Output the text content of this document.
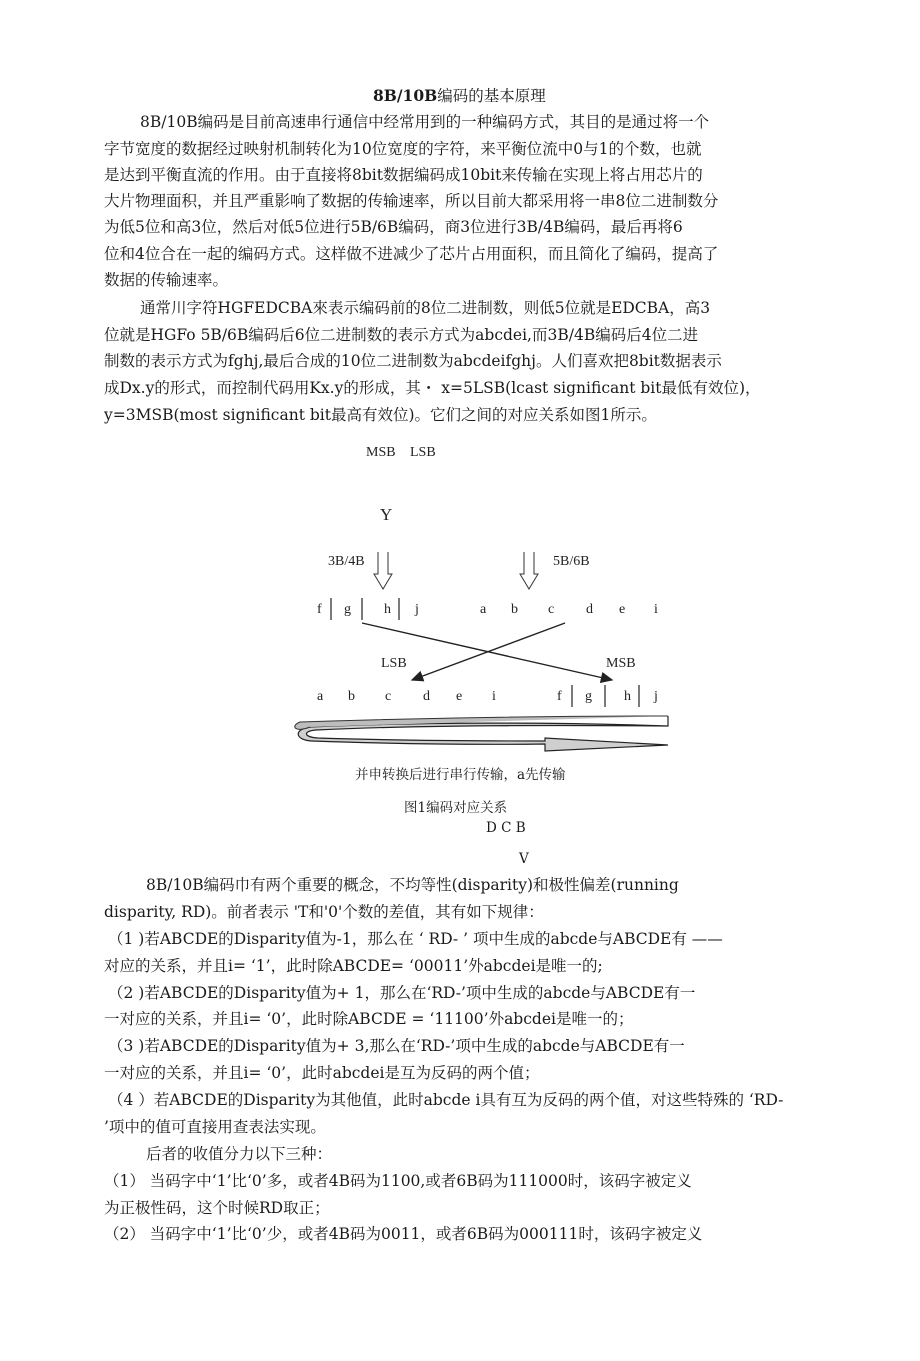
8B/10B编码的基本原理
8B/10B编码是目前高速串行通信中经常用到的一种编码方式，其目的是通过将一个
字节宽度的数据经过映射机制转化为10位宽度的字符，来平衡位流中0与1的个数，也就
是达到平衡直流的作用。由于直接将8bit数据编码成10bit来传输在实现上将占用芯片的
大片物理面积，并且严重影响了数据的传输速率，所以目前大都采用将一串8位二进制数分
为低5位和高3位，然后对低5位进行5B/6B编码，商3位进行3B/4B编码，最后再将6
位和4位合在一起的编码方式。这样做不进减少了芯片占用面积，而且简化了编码，提高了
数据的传输速率。
通常川字符HGFEDCBA來表示编码前的8位二进制数，则低5位就是EDCBA，高3
位就是HGFo 5B/6B编码后6位二进制数的表示方式为abcdei,而3B/4B编码后4位二进
制数的表示方式为fghj,最后合成的10位二进制数为abcdeifghj。人们喜欢把8bit数据表示
成Dx.y的形式，而控制代码用Kx.y的形成，其・ x=5LSB(lcast significant bit最低有效位)，
y=3MSB(most significant bit最高有效位)。它们之间的对应关系如图1所示。
MSB LSB
Y
3B/4B	5B/6B
f g h j	a b c d e i
LSB	MSB
a b c d e i	f g h j
并申转换后进行串行传输，a先传输
图1编码对应关系
D C B
V
8B/10B编码巾有两个重要的概念，不均等性(disparity)和极性偏差(running
disparity, RD)。前者表示 'T和'0'个数的差值，其有如下规律：
（1 )若ABCDE的Disparity值为-1，那么在 ‘ RD- ’ 项中生成的abcde与ABCDE有 ——
对应的关系，并且i= ‘1’，此时除ABCDE= ‘00011’外abcdei是唯一的;
（2 )若ABCDE的Disparity值为+ 1，那么在‘RD-’项中生成的abcde与ABCDE有一
一对应的关系，并且i= ‘0’，此时除ABCDE = ‘11100’外abcdei是唯一的；
（3 )若ABCDE的Disparity值为+ 3,那么在‘RD-’项中生成的abcde与ABCDE有一
一对应的关系，并且i= ‘0’，此时abcdei是互为反码的两个值；
（4 ）若ABCDE的Disparity为其他值，此时abcde i具有互为反码的两个值，对这些特殊的 ‘RD-
’项中的值可直接用查表法实现。
后者的收值分力以下三种：
（1） 当码字中‘1’比‘0’多，或者4B码为1100,或者6B码为111000时，该码字被定义
为正极性码，这个时候RD取正；
（2） 当码字中‘1’比‘0’少，或者4B码为0011，或者6B码为000111时，该码字被定义
